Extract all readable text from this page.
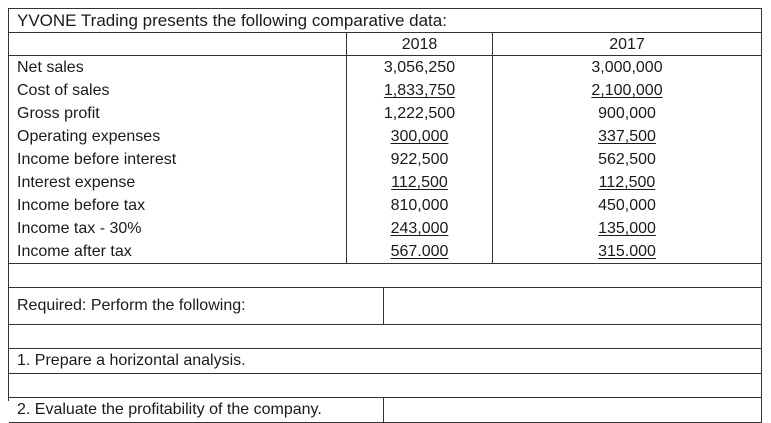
YVONE Trading presents the following comparative data:
Net sales
Cost of sales
Gross profit
Operating expenses
Income before interest
Interest expense
Income before tax
Income tax - 30%
Income after tax
2018
3,056,250
1,833,750
1,222,500
300,000
922,500
112,500
810,000
243,000
567.000
2017
3,000,000
2,100,000
900,000
337,500
562,500
112,500
450,000
135,000
315.000
Required: Perform the following:
1. Prepare a horizontal analysis.
2. Evaluate the profitability of the company.
